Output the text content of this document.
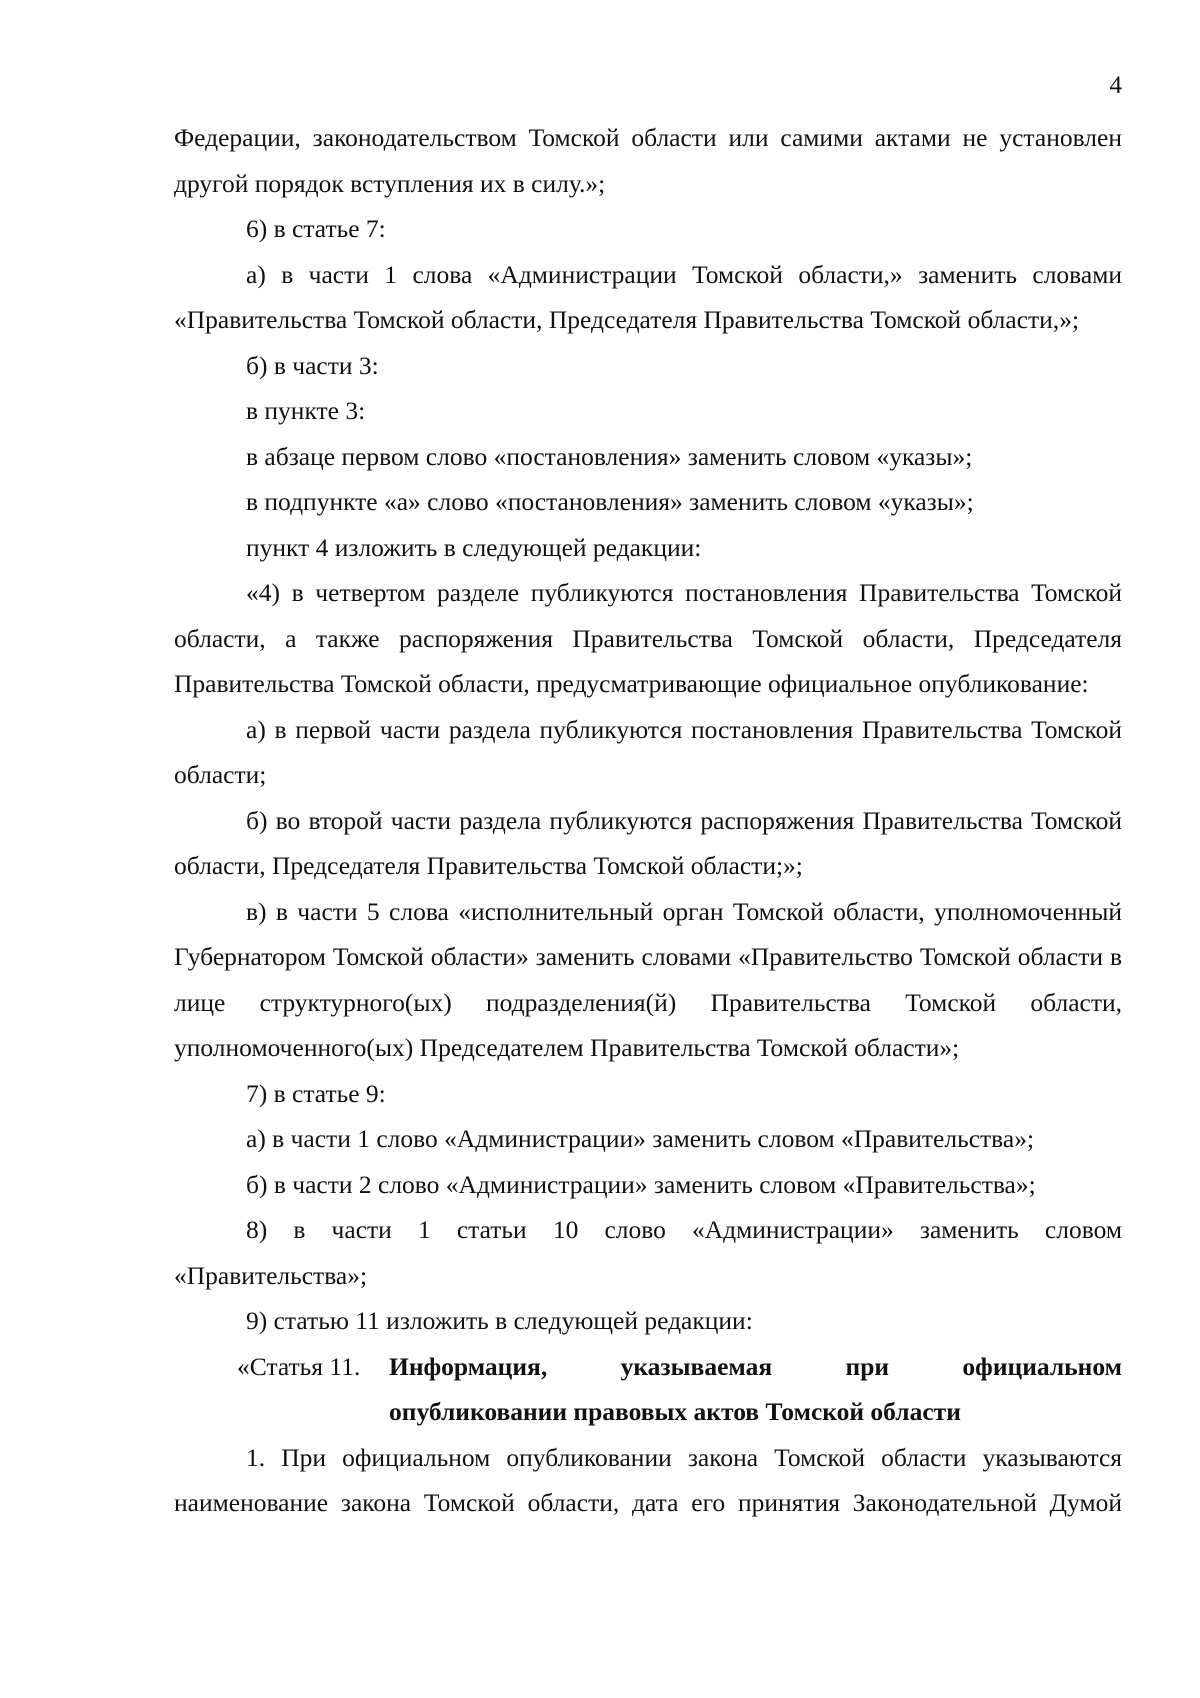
4
Федерации, законодательством Томской области или самими актами не установлен другой порядок вступления их в силу.»;
6) в статье 7:
а) в части 1 слова «Администрации Томской области,» заменить словами «Правительства Томской области, Председателя Правительства Томской области,»;
б) в части 3:
в пункте 3:
в абзаце первом слово «постановления» заменить словом «указы»;
в подпункте «а» слово «постановления» заменить словом «указы»;
пункт 4 изложить в следующей редакции:
«4) в четвертом разделе публикуются постановления Правительства Томской области, а также распоряжения Правительства Томской области, Председателя Правительства Томской области, предусматривающие официальное опубликование:
а) в первой части раздела публикуются постановления Правительства Томской области;
б) во второй части раздела публикуются распоряжения Правительства Томской области, Председателя Правительства Томской области;»;
в) в части 5 слова «исполнительный орган Томской области, уполномоченный Губернатором Томской области» заменить словами «Правительство Томской области в лице структурного(ых) подразделения(й) Правительства Томской области, уполномоченного(ых) Председателем Правительства Томской области»;
7) в статье 9:
а) в части 1 слово «Администрации» заменить словом «Правительства»;
б) в части 2 слово «Администрации» заменить словом «Правительства»;
8) в части 1 статьи 10 слово «Администрации» заменить словом «Правительства»;
9) статью 11 изложить в следующей редакции:
«Статья 11. Информация, указываемая при официальном
опубликовании правовых актов Томской области
1. При официальном опубликовании закона Томской области указываются наименование закона Томской области, дата его принятия Законодательной Думой
